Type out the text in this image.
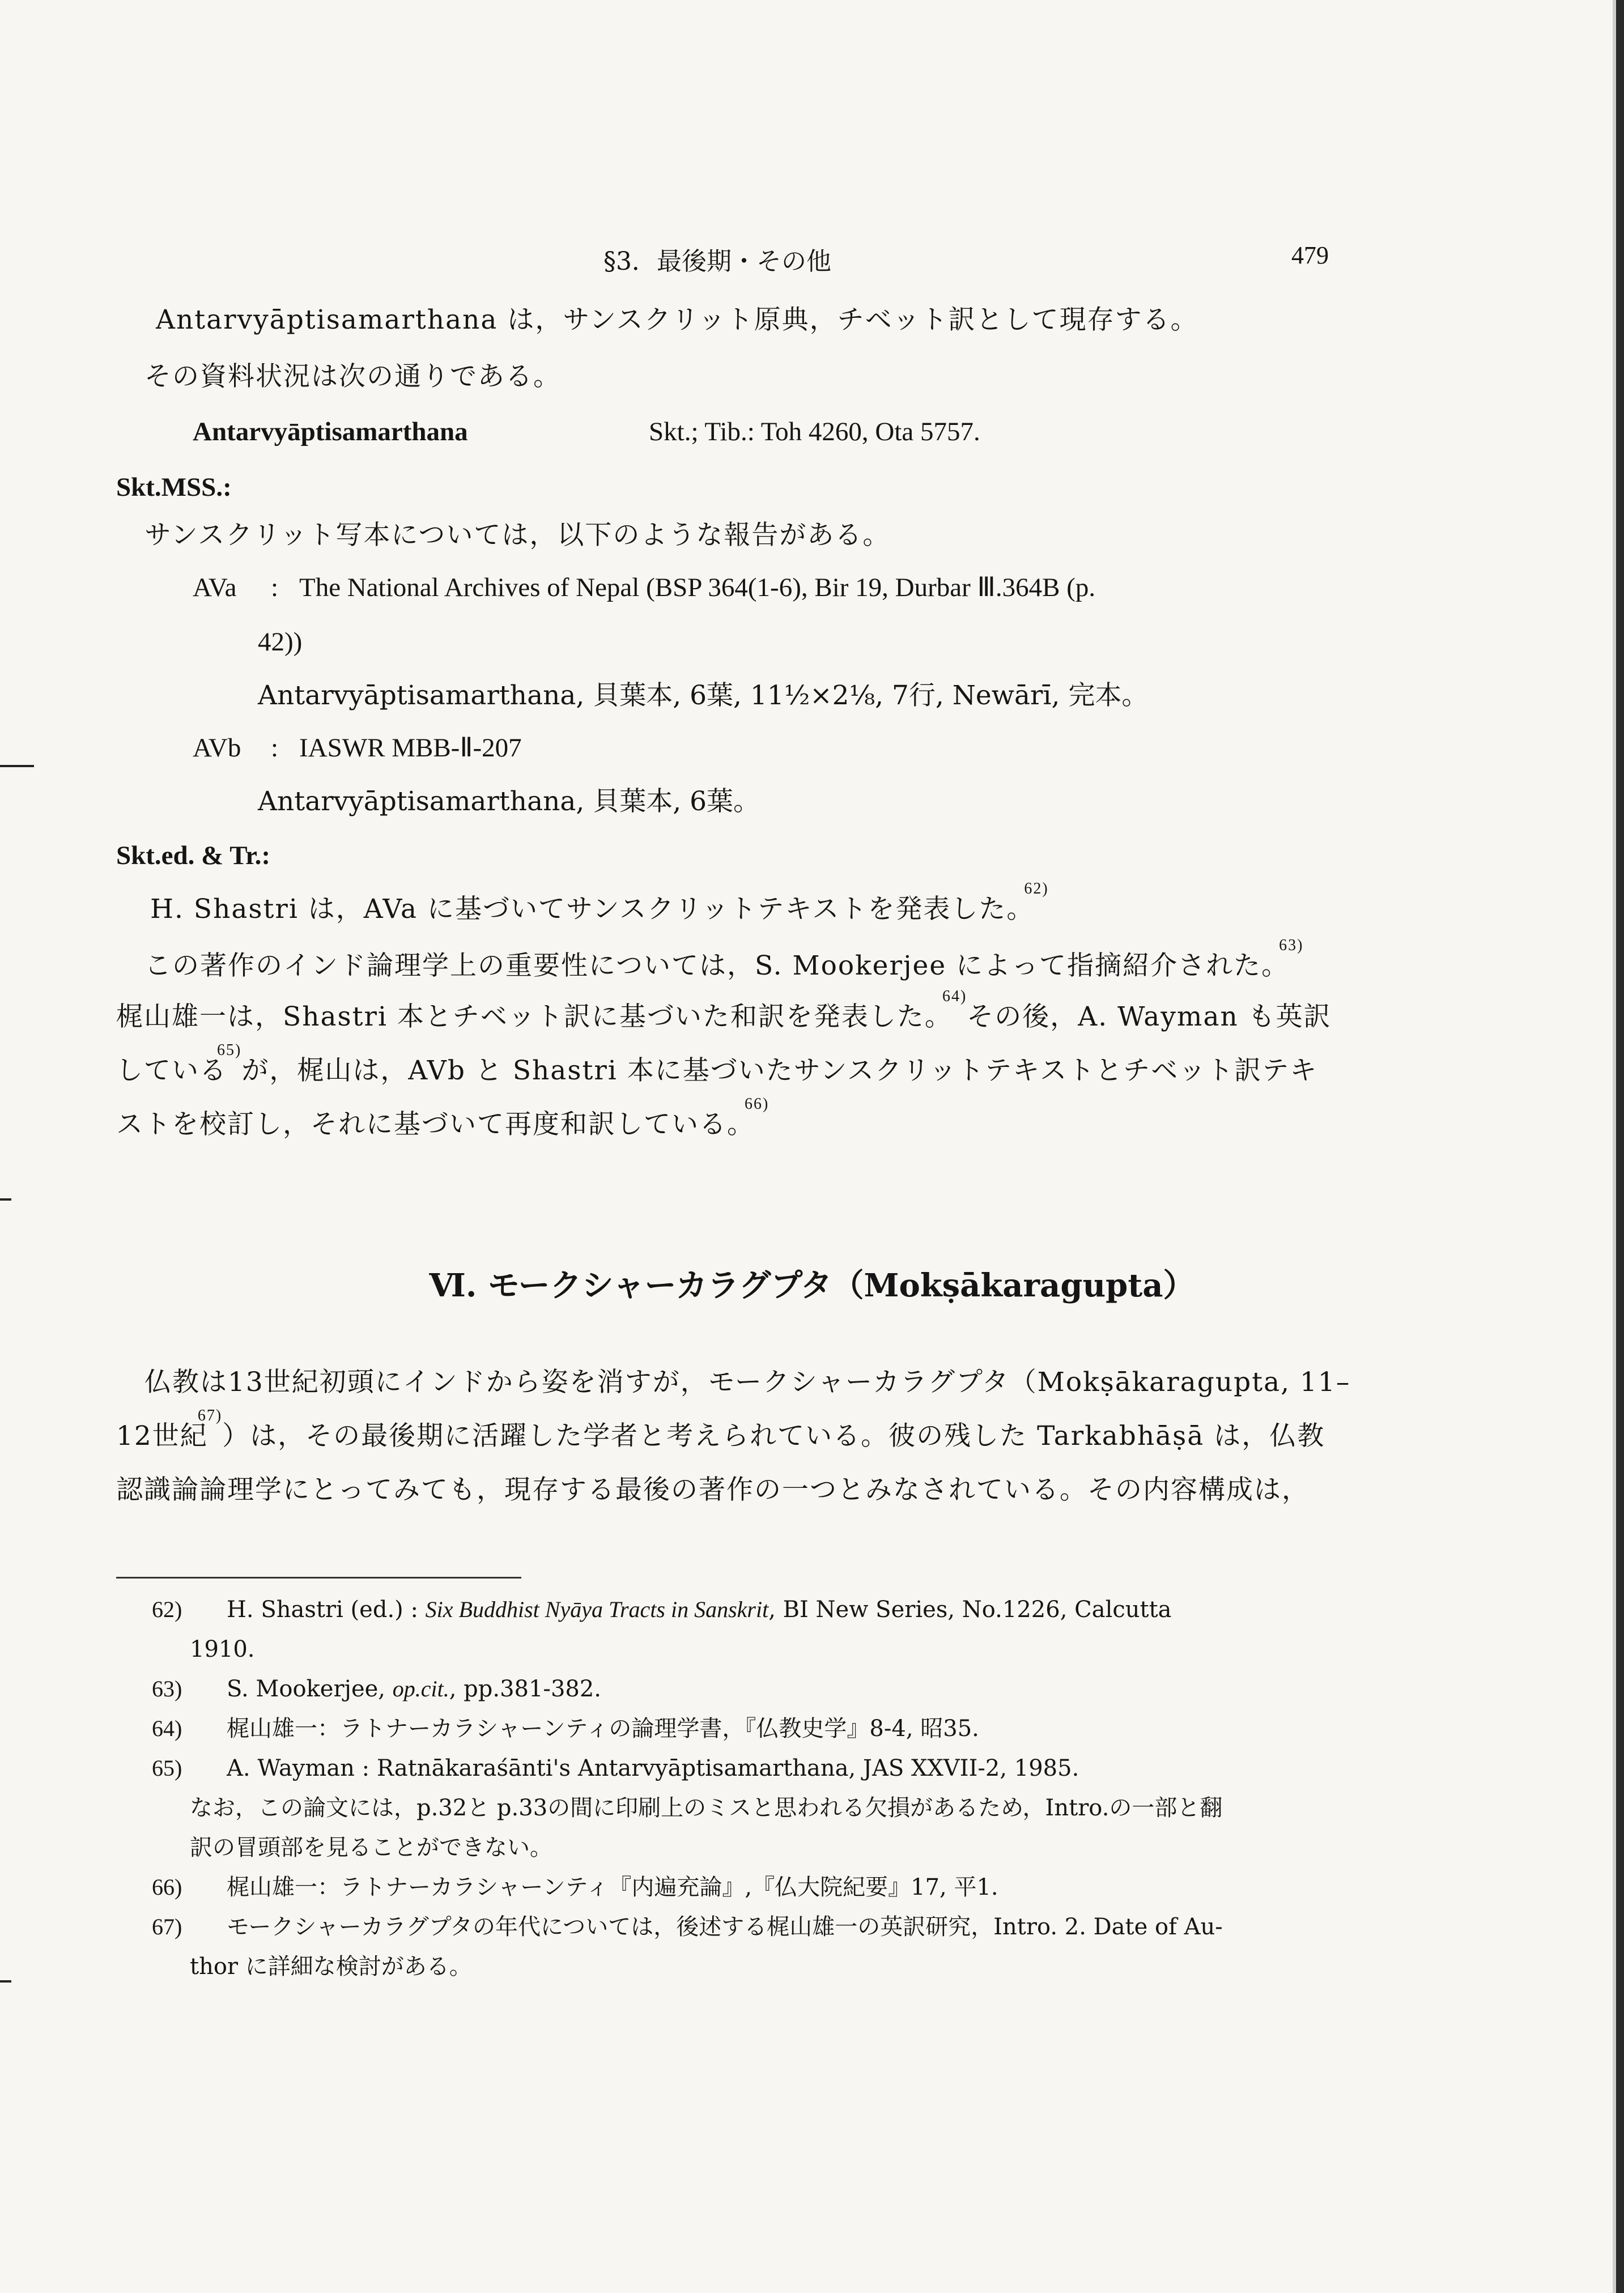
§3．最後期・その他	479
Antarvyāptisamarthana は，サンスクリット原典，チベット訳として現存する。
その資料状況は次の通りである。
Antarvyāptisamarthana	Skt.; Tib.: Toh 4260, Ota 5757.
Skt.MSS.:
サンスクリット写本については，以下のような報告がある。
AVa : The National Archives of Nepal (BSP 364(1-6), Bir 19, Durbar Ⅲ.364B (p.
42))
Antarvyāptisamarthana, 貝葉本, 6葉, 11½×2⅛, 7行, Newārī, 完本。
AVb : IASWR MBB-Ⅱ-207
Antarvyāptisamarthana, 貝葉本, 6葉。
Skt.ed. & Tr.:
H. Shastri は，AVa に基づいてサンスクリットテキストを発表した。$^{62)}$
この著作のインド論理学上の重要性については，S. Mookerjee によって指摘紹介された。$^{63)}$
梶山雄一は，Shastri 本とチベット訳に基づいた和訳を発表した。$^{64)}$その後，A. Wayman も英訳
している$^{65)}$が，梶山は，AVb と Shastri 本に基づいたサンスクリットテキストとチベット訳テキ
ストを校訂し，それに基づいて再度和訳している。$^{66)}$
Ⅵ. モークシャーカラグプタ（Mokṣākaragupta）
仏教は13世紀初頭にインドから姿を消すが，モークシャーカラグプタ（Mokṣākaragupta, 11–
12世紀$^{67)}$）は，その最後期に活躍した学者と考えられている。彼の残した Tarkabhāṣā は，仏教
認識論論理学にとってみても，現存する最後の著作の一つとみなされている。その内容構成は，
62) H. Shastri (ed.) : Six Buddhist Nyāya Tracts in Sanskrit, BI New Series, No.1226, Calcutta
1910.
63) S. Mookerjee, op.cit., pp.381-382.
64) 梶山雄一：ラトナーカラシャーンティの論理学書，『仏教史学』8-4, 昭35.
65) A. Wayman : Ratnākaraśānti's Antarvyāptisamarthana, JAS XXVII-2, 1985.
なお，この論文には，p.32と p.33の間に印刷上のミスと思われる欠損があるため，Intro.の一部と翻
訳の冒頭部を見ることができない。
66) 梶山雄一：ラトナーカラシャーンティ『内遍充論』,『仏大院紀要』17, 平1.
67) モークシャーカラグプタの年代については，後述する梶山雄一の英訳研究，Intro. 2. Date of Au-
thor に詳細な検討がある。
